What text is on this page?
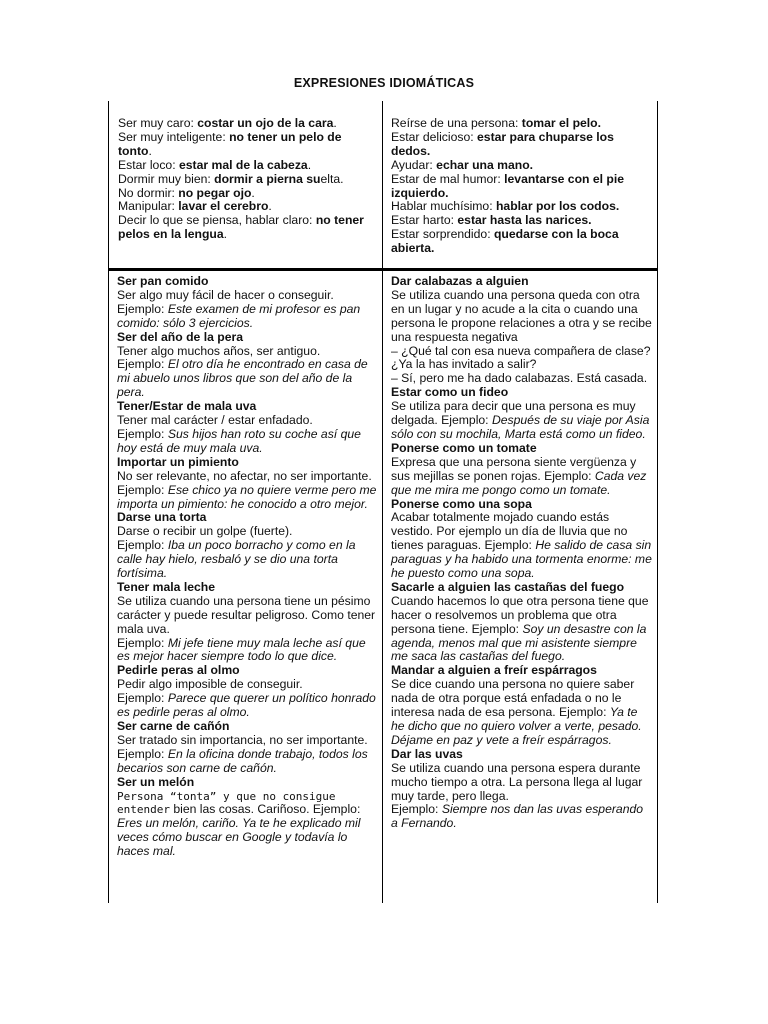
EXPRESIONES IDIOMÁTICAS
Ser muy caro: costar un ojo de la cara.
Ser muy inteligente: no tener un pelo de tonto.
Estar loco: estar mal de la cabeza.
Dormir muy bien: dormir a pierna suelta.
No dormir: no pegar ojo.
Manipular: lavar el cerebro.
Decir lo que se piensa, hablar claro: no tener pelos en la lengua.
Reírse de una persona: tomar el pelo.
Estar delicioso: estar para chuparse los dedos.
Ayudar: echar una mano.
Estar de mal humor: levantarse con el pie izquierdo.
Hablar muchísimo: hablar por los codos.
Estar harto: estar hasta las narices.
Estar sorprendido: quedarse con la boca abierta.
Ser pan comido
Ser algo muy fácil de hacer o conseguir.
Ejemplo: Este examen de mi profesor es pan comido: sólo 3 ejercicios.
Ser del año de la pera
Tener algo muchos años, ser antiguo.
Ejemplo: El otro día he encontrado en casa de mi abuelo unos libros que son del año de la pera.
Tener/Estar de mala uva
Tener mal carácter / estar enfadado.
Ejemplo: Sus hijos han roto su coche así que hoy está de muy mala uva.
Importar un pimiento
No ser relevante, no afectar, no ser importante.
Ejemplo: Ese chico ya no quiere verme pero me importa un pimiento: he conocido a otro mejor.
Darse una torta
Darse o recibir un golpe (fuerte).
Ejemplo: Iba un poco borracho y como en la calle hay hielo, resbaló y se dio una torta fortísima.
Tener mala leche
Se utiliza cuando una persona tiene un pésimo carácter y puede resultar peligroso. Como tener mala uva.
Ejemplo: Mi jefe tiene muy mala leche así que es mejor hacer siempre todo lo que dice.
Pedirle peras al olmo
Pedir algo imposible de conseguir.
Ejemplo: Parece que querer un político honrado es pedirle peras al olmo.
Ser carne de cañón
Ser tratado sin importancia, no ser importante.
Ejemplo: En la oficina donde trabajo, todos los becarios son carne de cañón.
Ser un melón
Persona “tonta” y que no consigue entender bien las cosas. Cariñoso. Ejemplo: Eres un melón, cariño. Ya te he explicado mil veces cómo buscar en Google y todavía lo haces mal.
Dar calabazas a alguien
Se utiliza cuando una persona queda con otra en un lugar y no acude a la cita o cuando una persona le propone relaciones a otra y se recibe una respuesta negativa
– ¿Qué tal con esa nueva compañera de clase? ¿Ya la has invitado a salir?
– Sí, pero me ha dado calabazas. Está casada.
Estar como un fideo
Se utiliza para decir que una persona es muy delgada. Ejemplo: Después de su viaje por Asia sólo con su mochila, Marta está como un fideo.
Ponerse como un tomate
Expresa que una persona siente vergüenza y sus mejillas se ponen rojas. Ejemplo: Cada vez que me mira me pongo como un tomate.
Ponerse como una sopa
Acabar totalmente mojado cuando estás vestido. Por ejemplo un día de lluvia que no tienes paraguas. Ejemplo: He salido de casa sin paraguas y ha habido una tormenta enorme: me he puesto como una sopa.
Sacarle a alguien las castañas del fuego
Cuando hacemos lo que otra persona tiene que hacer o resolvemos un problema que otra persona tiene. Ejemplo: Soy un desastre con la agenda, menos mal que mi asistente siempre me saca las castañas del fuego.
Mandar a alguien a freír espárragos
Se dice cuando una persona no quiere saber nada de otra porque está enfadada o no le interesa nada de esa persona. Ejemplo: Ya te he dicho que no quiero volver a verte, pesado. Déjame en paz y vete a freír espárragos.
Dar las uvas
Se utiliza cuando una persona espera durante mucho tiempo a otra. La persona llega al lugar muy tarde, pero llega.
Ejemplo: Siempre nos dan las uvas esperando a Fernando.
